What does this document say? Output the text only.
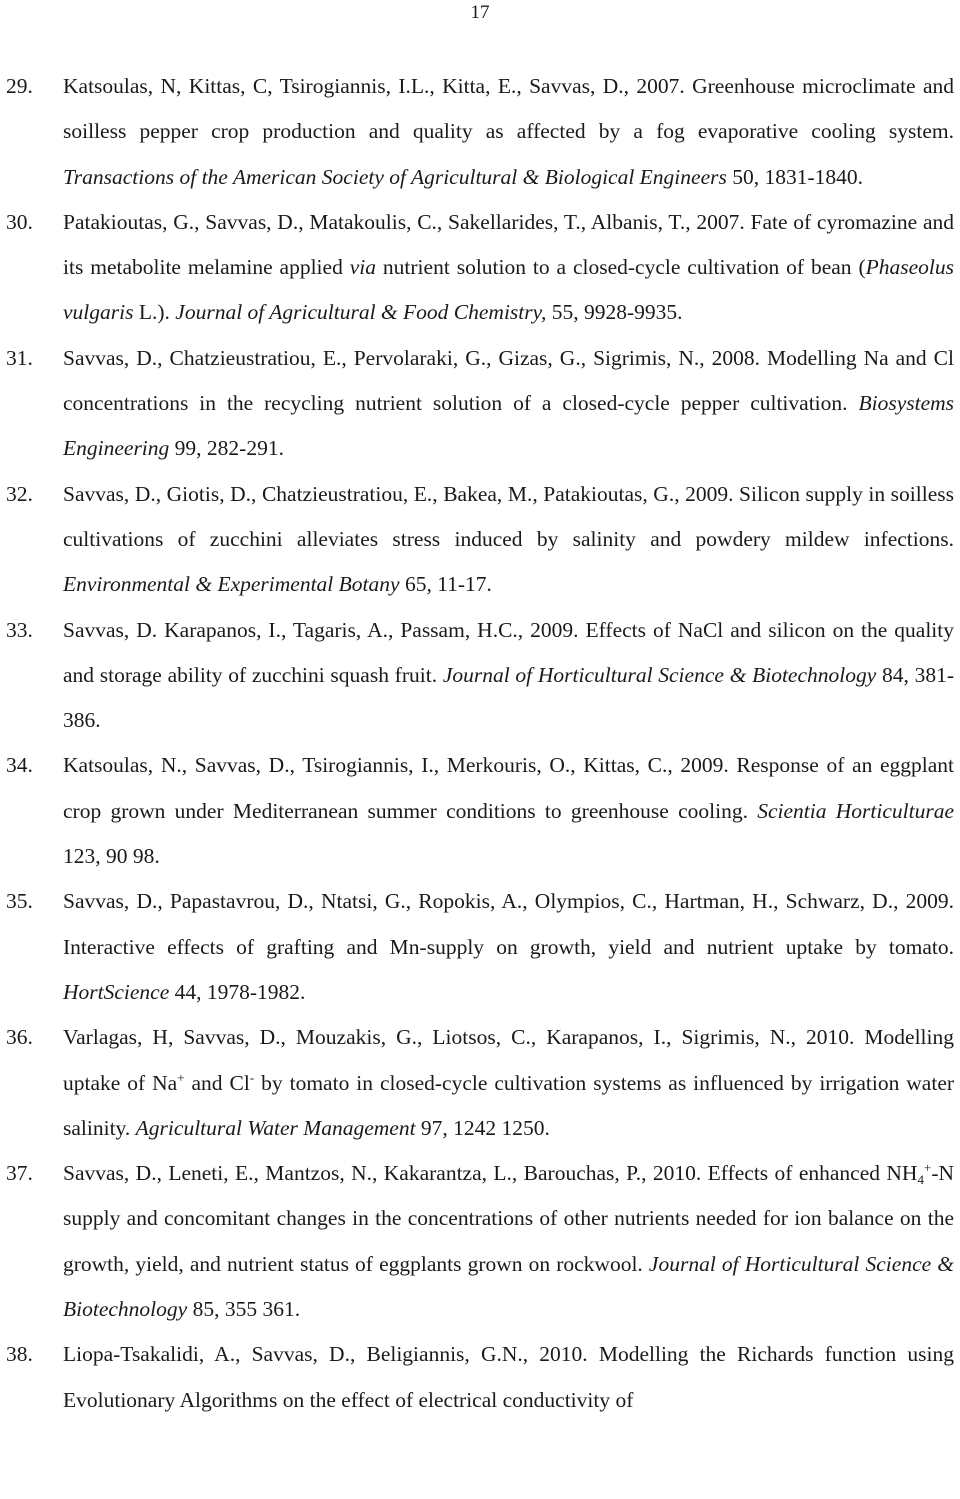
17

29. Katsoulas, N, Kittas, C, Tsirogiannis, I.L., Kitta, E., Savvas, D., 2007. Greenhouse microclimate and soilless pepper crop production and quality as affected by a fog evaporative cooling system. Transactions of the American Society of Agricultural & Biological Engineers 50, 1831-1840.

30. Patakioutas, G., Savvas, D., Matakoulis, C., Sakellarides, T., Albanis, T., 2007. Fate of cyromazine and its metabolite melamine applied via nutrient solution to a closed-cycle cultivation of bean (Phaseolus vulgaris L.). Journal of Agricultural & Food Chemistry, 55, 9928-9935.

31. Savvas, D., Chatzieustratiou, E., Pervolaraki, G., Gizas, G., Sigrimis, N., 2008. Modelling Na and Cl concentrations in the recycling nutrient solution of a closed-cycle pepper cultivation. Biosystems Engineering 99, 282-291.

32. Savvas, D., Giotis, D., Chatzieustratiou, E., Bakea, M., Patakioutas, G., 2009. Silicon supply in soilless cultivations of zucchini alleviates stress induced by salinity and powdery mildew infections. Environmental & Experimental Botany 65, 11-17.

33. Savvas, D. Karapanos, I., Tagaris, A., Passam, H.C., 2009. Effects of NaCl and silicon on the quality and storage ability of zucchini squash fruit. Journal of Horticultural Science & Biotechnology 84, 381-386.

34. Katsoulas, N., Savvas, D., Tsirogiannis, I., Merkouris, O., Kittas, C., 2009. Response of an eggplant crop grown under Mediterranean summer conditions to greenhouse cooling. Scientia Horticulturae 123, 90 98.

35. Savvas, D., Papastavrou, D., Ntatsi, G., Ropokis, A., Olympios, C., Hartman, H., Schwarz, D., 2009. Interactive effects of grafting and Mn-supply on growth, yield and nutrient uptake by tomato. HortScience 44, 1978-1982.

36. Varlagas, H, Savvas, D., Mouzakis, G., Liotsos, C., Karapanos, I., Sigrimis, N., 2010. Modelling uptake of Na+ and Cl- by tomato in closed-cycle cultivation systems as influenced by irrigation water salinity. Agricultural Water Management 97, 1242 1250.

37. Savvas, D., Leneti, E., Mantzos, N., Kakarantza, L., Barouchas, P., 2010. Effects of enhanced $NH_4^+-N$ supply and concomitant changes in the concentrations of other nutrients needed for ion balance on the growth, yield, and nutrient status of eggplants grown on rockwool. Journal of Horticultural Science & Biotechnology 85, 355 361.

38. Liopa-Tsakalidi, A., Savvas, D., Beligiannis, G.N., 2010. Modelling the Richards function using Evolutionary Algorithms on the effect of electrical conductivity of
